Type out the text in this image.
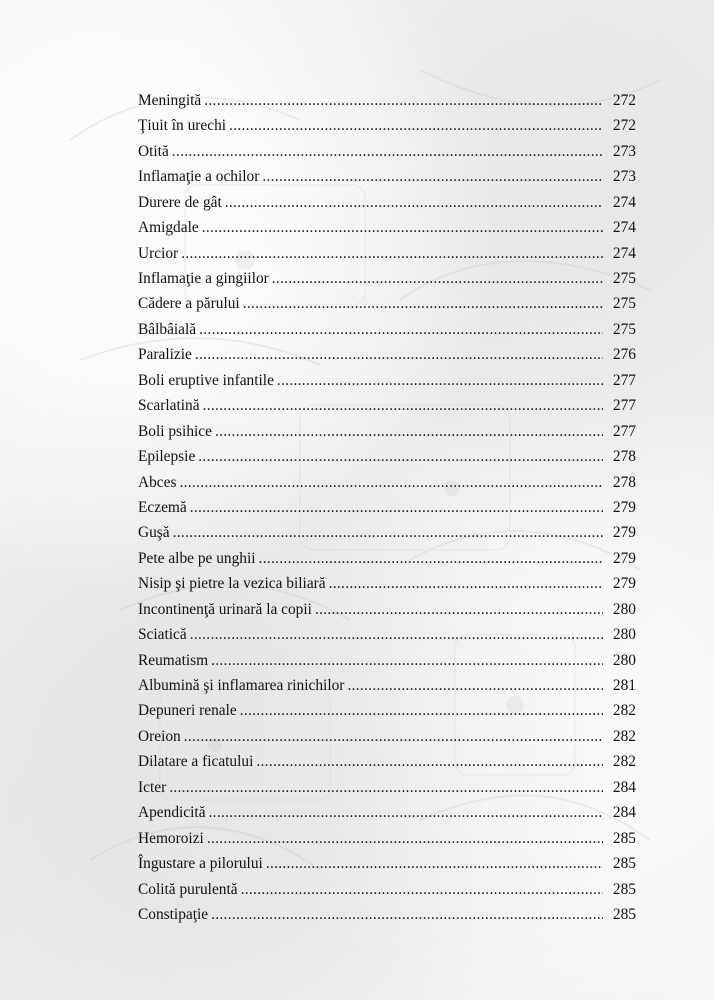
Meningită .....	272
Ţiuit în urechi .....	272
Otită .....	273
Inflamaţie a ochilor .....	273
Durere de gât .....	274
Amigdale .....	274
Urcior .....	274
Inflamaţie a gingiilor .....	275
Cădere a părului .....	275
Bâlbâială .....	275
Paralizie .....	276
Boli eruptive infantile .....	277
Scarlatină .....	277
Boli psihice .....	277
Epilepsie .....	278
Abces .....	278
Eczemă .....	279
Guşă .....	279
Pete albe pe unghii .....	279
Nisip şi pietre la vezica biliară .....	279
Incontinenţă urinară la copii .....	280
Sciatică .....	280
Reumatism .....	280
Albumină şi inflamarea rinichilor .....	281
Depuneri renale .....	282
Oreion .....	282
Dilatare a ficatului .....	282
Icter .....	284
Apendicită .....	284
Hemoroizi .....	285
Îngustare a pilorului .....	285
Colită purulentă .....	285
Constipaţie .....	285
